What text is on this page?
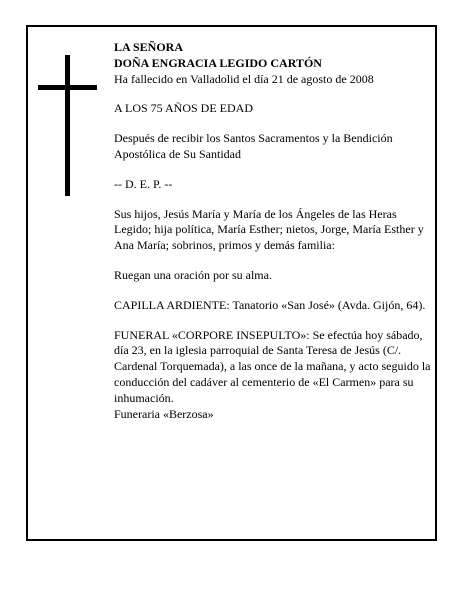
LA SEÑORA

DOÑA ENGRACIA LEGIDO CARTÓN

Ha fallecido en Valladolid el día 21 de agosto de 2008

A LOS 75 AÑOS DE EDAD

Después de recibir los Santos Sacramentos y la Bendición Apostólica de Su Santidad

-- D. E. P. --

Sus hijos, Jesús María y María de los Ángeles de las Heras Legido; hija política, María Esther; nietos, Jorge, María Esther y Ana María; sobrinos, primos y demás familia:

Ruegan una oración por su alma.

CAPILLA ARDIENTE: Tanatorio «San José» (Avda. Gijón, 64).

FUNERAL «CORPORE INSEPULTO»: Se efectúa hoy sábado, día 23, en la iglesia parroquial de Santa Teresa de Jesús (C/. Cardenal Torquemada), a las once de la mañana, y acto seguido la conducción del cadáver al cementerio de «El Carmen» para su inhumación.

Funeraria «Berzosa»
